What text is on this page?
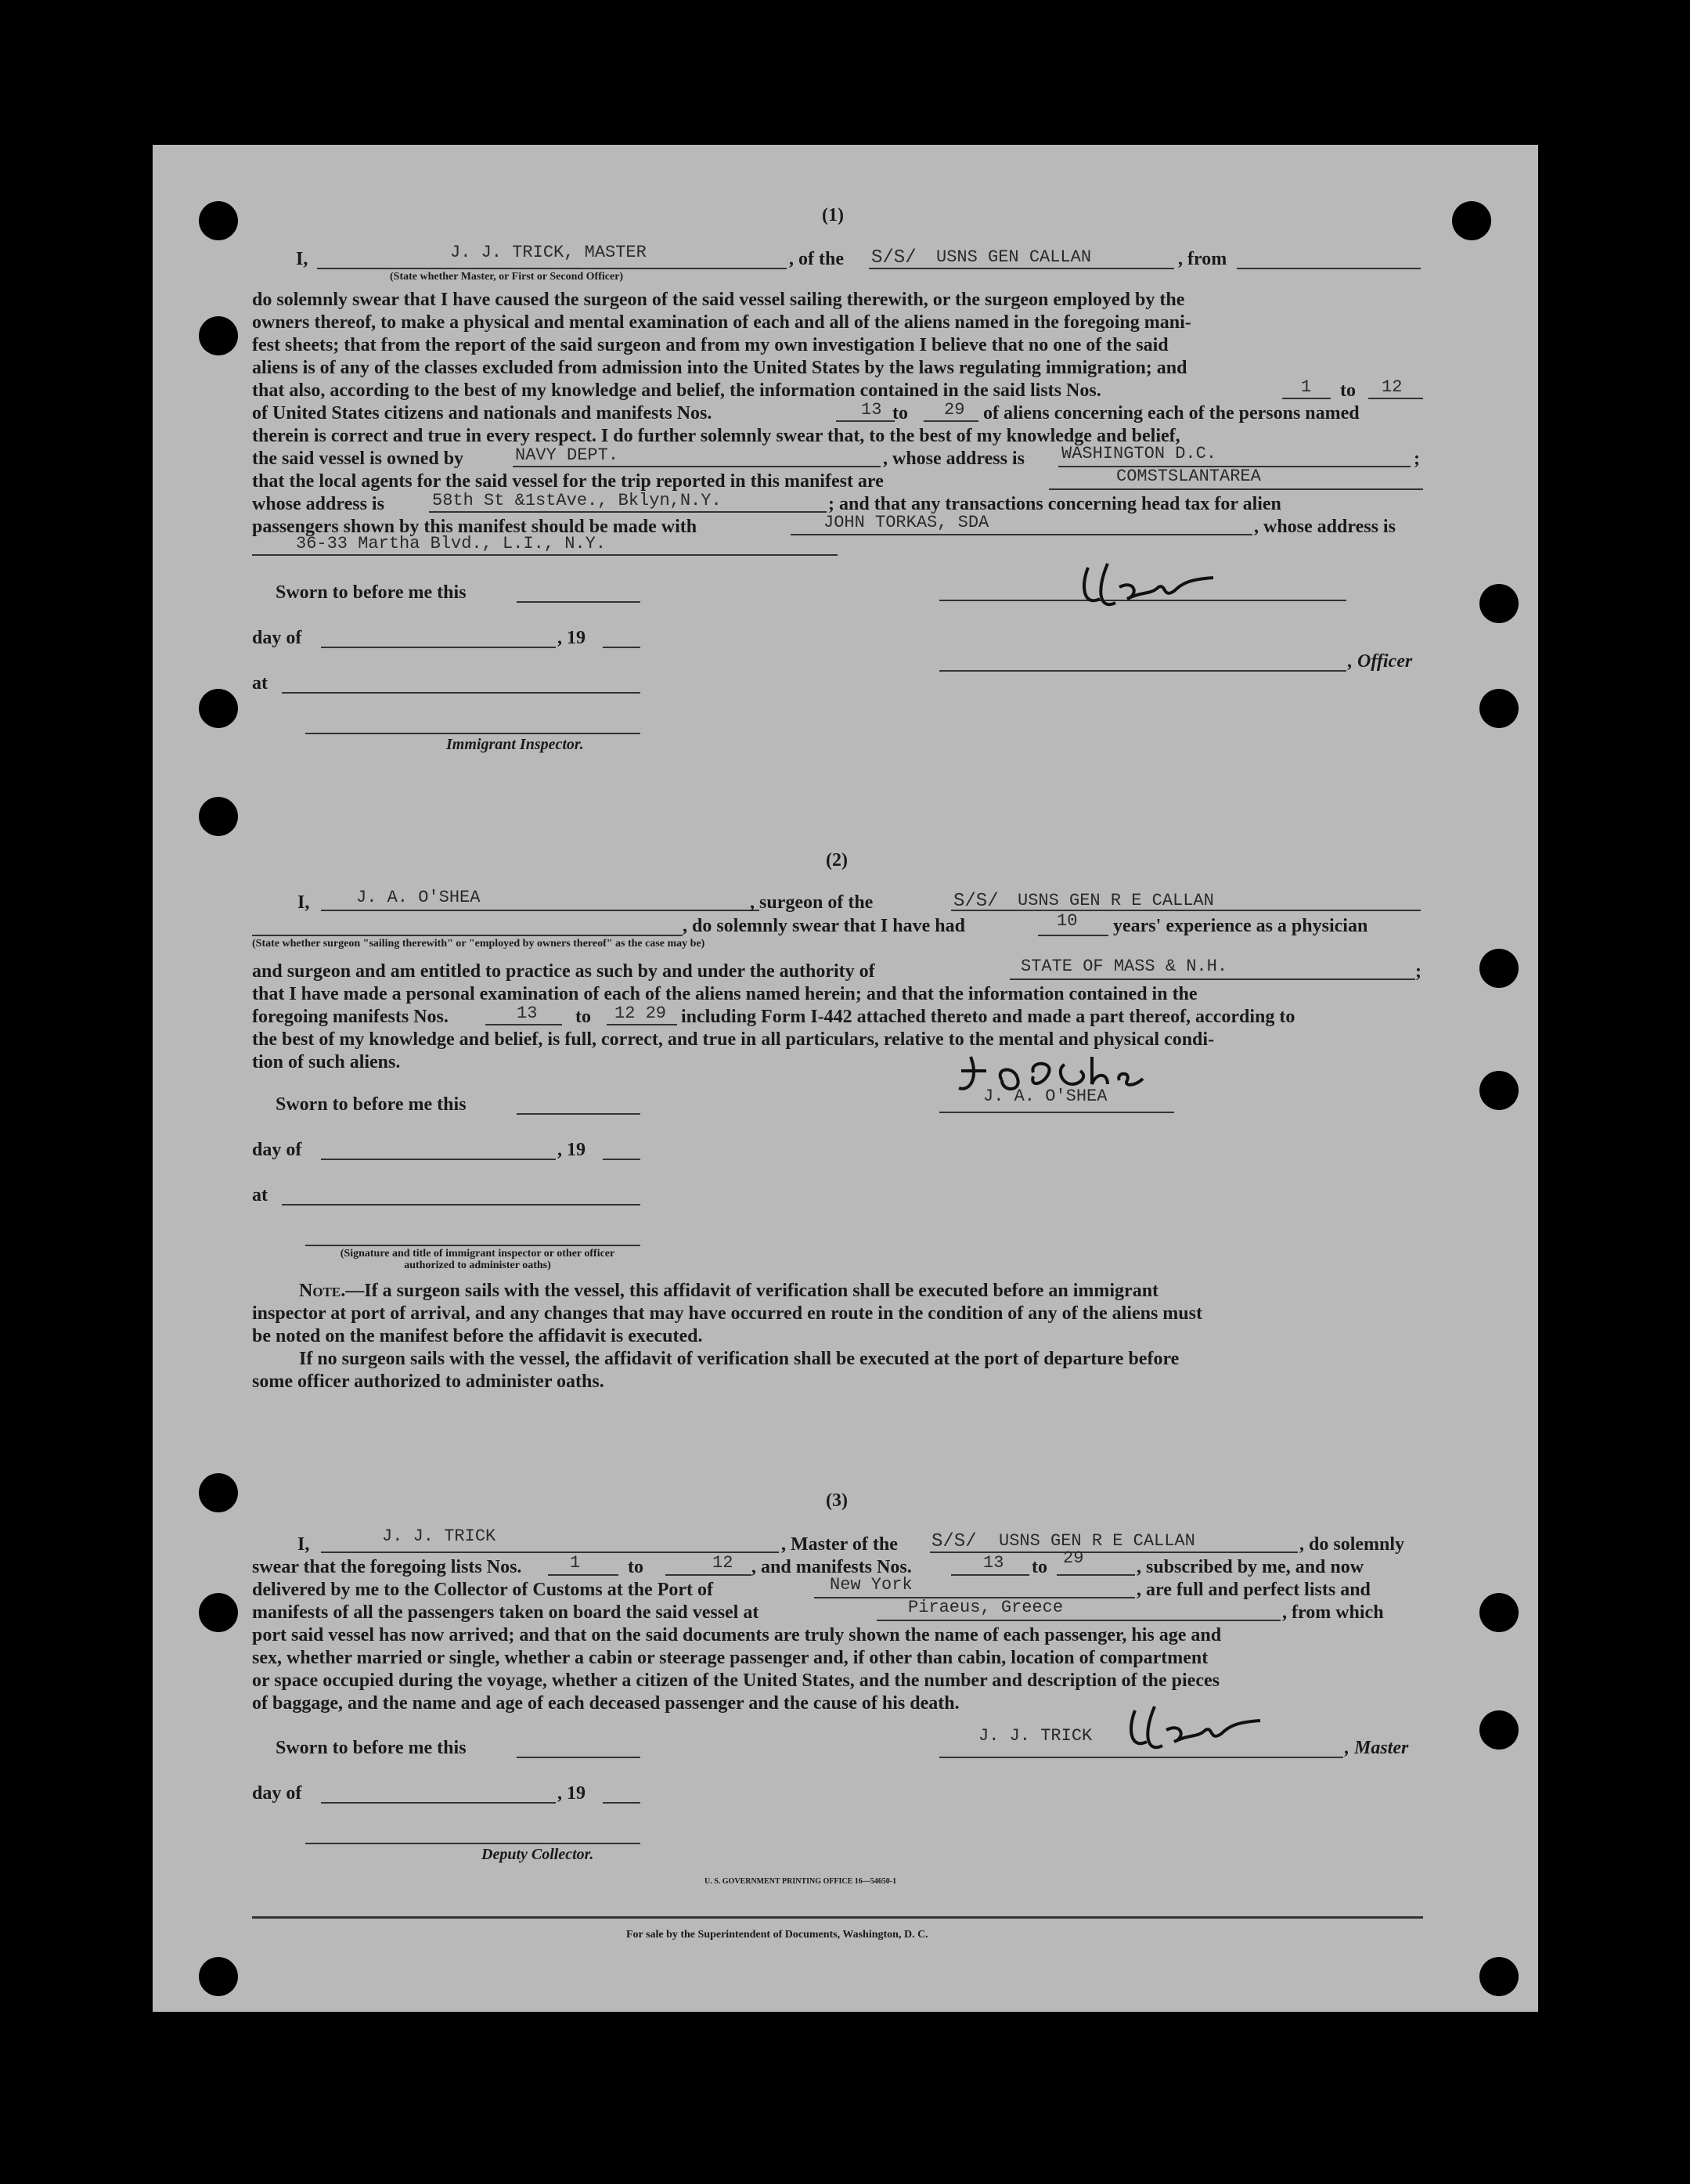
(1)
I,	J. J. TRICK, MASTER	, of the S/S/ USNS GEN CALLAN	, from
(State whether Master, or First or Second Officer)
do solemnly swear that I have caused the surgeon of the said vessel sailing therewith, or the surgeon employed by the
owners thereof, to make a physical and mental examination of each and all of the aliens named in the foregoing mani-
fest sheets; that from the report of the said surgeon and from my own investigation I believe that no one of the said
aliens is of any of the classes excluded from admission into the United States by the laws regulating immigration; and
that also, according to the best of my knowledge and belief, the information contained in the said lists Nos.	1 to 12
of United States citizens and nationals and manifests Nos.	13 to 29 of aliens concerning each of the persons named
therein is correct and true in every respect. I do further solemnly swear that, to the best of my knowledge and belief,
the said vessel is owned by	NAVY DEPT.	, whose address is WASHINGTON D.C.	;
that the local agents for the said vessel for the trip reported in this manifest are	COMSTSLANTAREA
whose address is	58th St &1stAve., Bklyn,N.Y.	; and that any transactions concerning head tax for alien
passengers shown by this manifest should be made with	JOHN TORKAS, SDA	, whose address is
36-33 Martha Blvd., L.I., N.Y.
Sworn to before me this
day of	, 19
at
Immigrant Inspector.
, Officer
(2)
I,	J. A. O'SHEA	, surgeon of the	S/S/ USNS GEN R E CALLAN
, do solemnly swear that I have had	10 years' experience as a physician
(State whether surgeon "sailing therewith" or "employed by owners thereof" as the case may be)
and surgeon and am entitled to practice as such by and under the authority of	STATE OF MASS & N.H.	;
that I have made a personal examination of each of the aliens named herein; and that the information contained in the
foregoing manifests Nos.	13 to 12 29 including Form I-442 attached thereto and made a part thereof, according to
the best of my knowledge and belief, is full, correct, and true in all particulars, relative to the mental and physical condi-
tion of such aliens.
Sworn to before me this	J. A. O'SHEA
day of	, 19
at
(Signature and title of immigrant inspector or other officer authorized to administer oaths)
Note.—If a surgeon sails with the vessel, this affidavit of verification shall be executed before an immigrant
inspector at port of arrival, and any changes that may have occurred en route in the condition of any of the aliens must
be noted on the manifest before the affidavit is executed.
If no surgeon sails with the vessel, the affidavit of verification shall be executed at the port of departure before
some officer authorized to administer oaths.
(3)
I,	J. J. TRICK	, Master of the S/S/ USNS GEN R E CALLAN	, do solemnly
swear that the foregoing lists Nos.	1	to	12 , and manifests Nos.	13 to 29	, subscribed by me, and now
delivered by me to the Collector of Customs at the Port of	New York	, are full and perfect lists and
manifests of all the passengers taken on board the said vessel at	Piraeus, Greece	, from which
port said vessel has now arrived; and that on the said documents are truly shown the name of each passenger, his age and
sex, whether married or single, whether a cabin or steerage passenger and, if other than cabin, location of compartment
or space occupied during the voyage, whether a citizen of the United States, and the number and description of the pieces
of baggage, and the name and age of each deceased passenger and the cause of his death.
Sworn to before me this
J. J. TRICK
, Master
day of	, 19
Deputy Collector.
U. S. GOVERNMENT PRINTING OFFICE 16—54650-1
For sale by the Superintendent of Documents, Washington, D. C.
